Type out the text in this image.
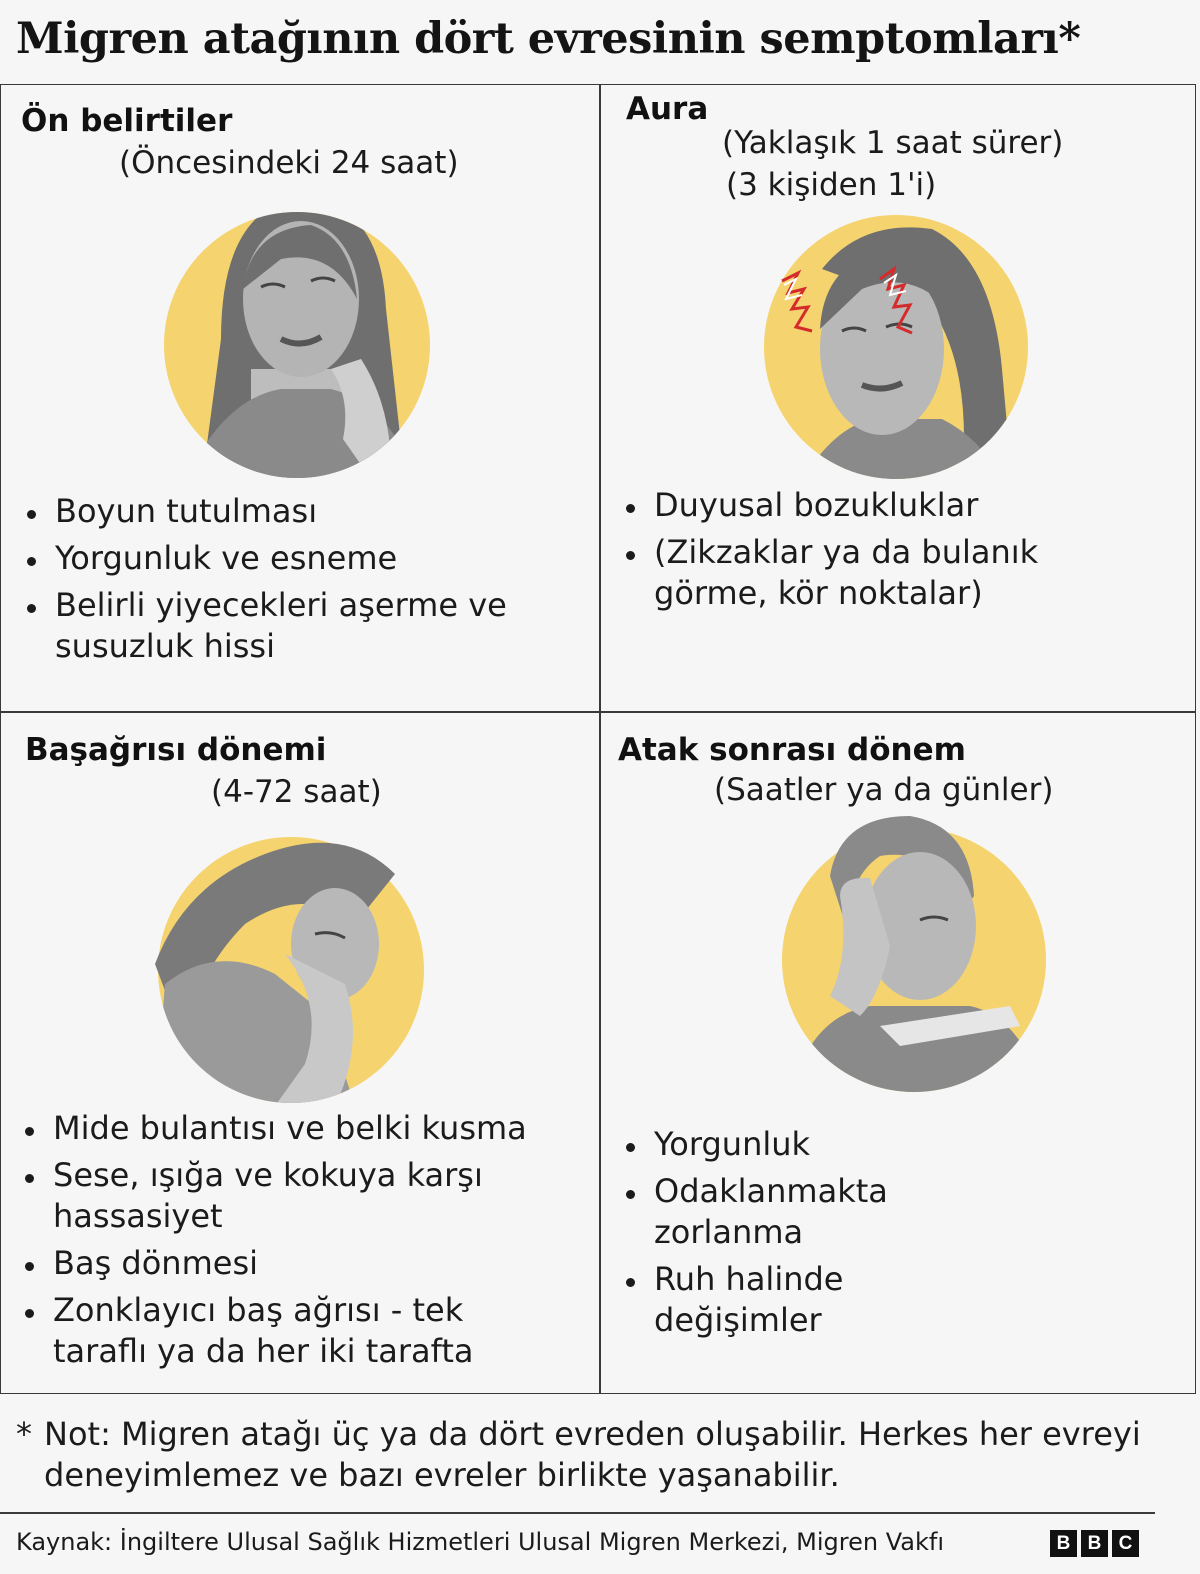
Migren atağının dört evresinin semptomları*
Ön belirtiler
(Öncesindeki 24 saat)
Boyun tutulması
Yorgunluk ve esneme
Belirli yiyecekleri aşerme ve susuzluk hissi
Aura
(Yaklaşık 1 saat sürer)
(3 kişiden 1'i)
Duyusal bozukluklar
(Zikzaklar ya da bulanık görme, kör noktalar)
Başağrısı dönemi
(4-72 saat)
Mide bulantısı ve belki kusma
Sese, ışığa ve kokuya karşı hassasiyet
Baş dönmesi
Zonklayıcı baş ağrısı - tek taraflı ya da her iki tarafta
Atak sonrası dönem
(Saatler ya da günler)
Yorgunluk
Odaklanmakta zorlanma
Ruh halinde değişimler
* Not: Migren atağı üç ya da dört evreden oluşabilir. Herkes her evreyi deneyimlemez ve bazı evreler birlikte yaşanabilir.
Kaynak: İngiltere Ulusal Sağlık Hizmetleri Ulusal Migren Merkezi, Migren Vakfı	B B C
